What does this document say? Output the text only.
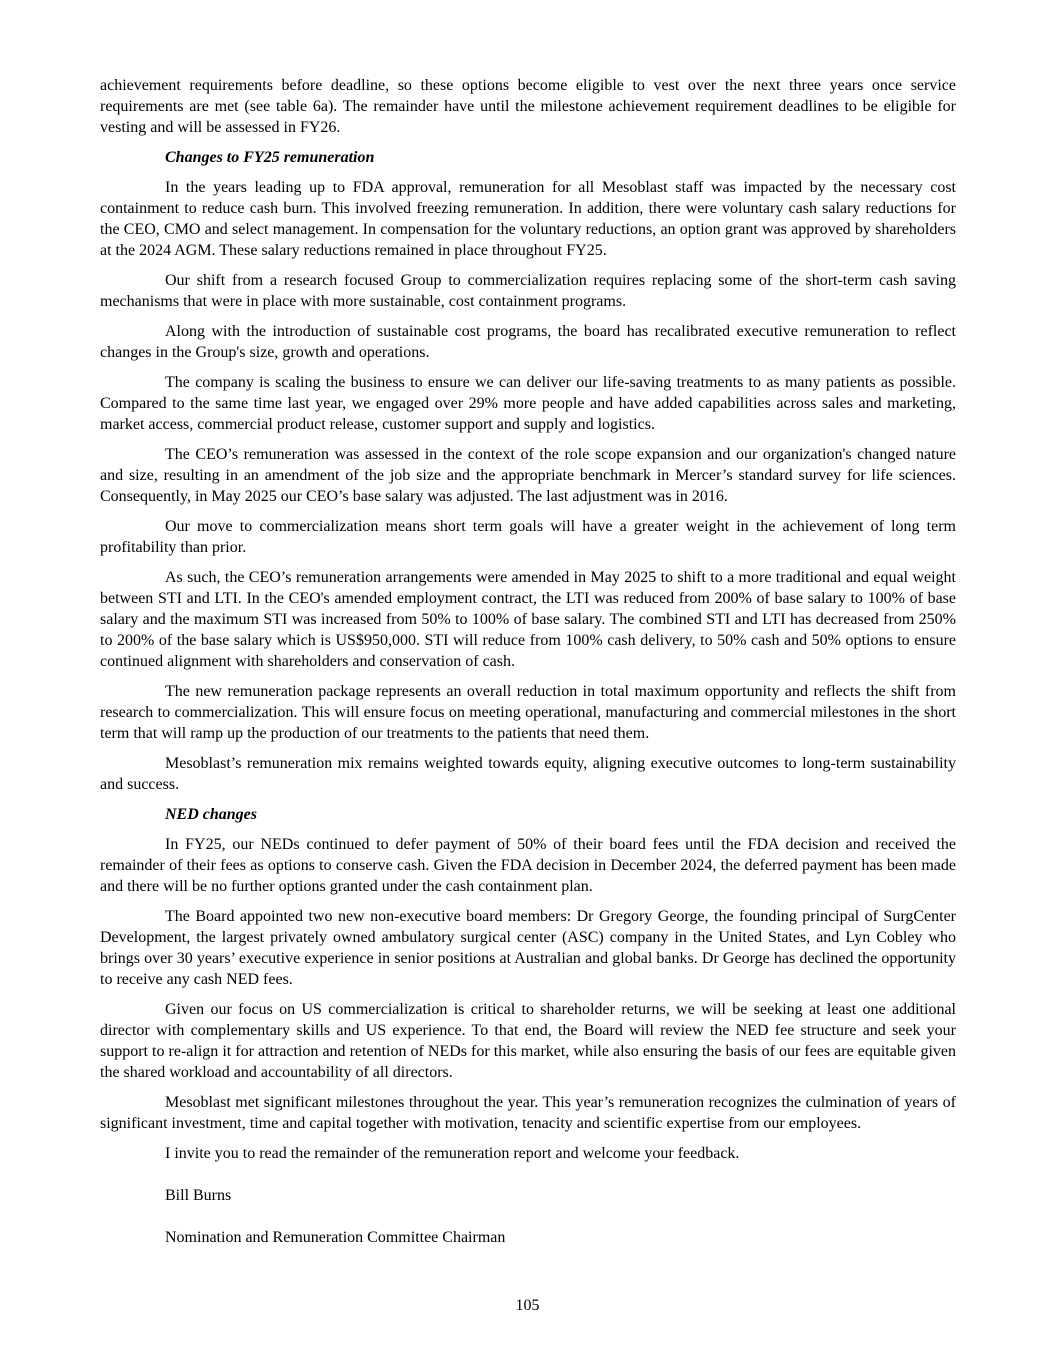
achievement requirements before deadline, so these options become eligible to vest over the next three years once service requirements are met (see table 6a). The remainder have until the milestone achievement requirement deadlines to be eligible for vesting and will be assessed in FY26.

Changes to FY25 remuneration

In the years leading up to FDA approval, remuneration for all Mesoblast staff was impacted by the necessary cost containment to reduce cash burn. This involved freezing remuneration. In addition, there were voluntary cash salary reductions for the CEO, CMO and select management. In compensation for the voluntary reductions, an option grant was approved by shareholders at the 2024 AGM. These salary reductions remained in place throughout FY25.

Our shift from a research focused Group to commercialization requires replacing some of the short-term cash saving mechanisms that were in place with more sustainable, cost containment programs.

Along with the introduction of sustainable cost programs, the board has recalibrated executive remuneration to reflect changes in the Group's size, growth and operations.

The company is scaling the business to ensure we can deliver our life-saving treatments to as many patients as possible. Compared to the same time last year, we engaged over 29% more people and have added capabilities across sales and marketing, market access, commercial product release, customer support and supply and logistics.

The CEO’s remuneration was assessed in the context of the role scope expansion and our organization's changed nature and size, resulting in an amendment of the job size and the appropriate benchmark in Mercer’s standard survey for life sciences. Consequently, in May 2025 our CEO’s base salary was adjusted. The last adjustment was in 2016.

Our move to commercialization means short term goals will have a greater weight in the achievement of long term profitability than prior.

As such, the CEO’s remuneration arrangements were amended in May 2025 to shift to a more traditional and equal weight between STI and LTI. In the CEO's amended employment contract, the LTI was reduced from 200% of base salary to 100% of base salary and the maximum STI was increased from 50% to 100% of base salary. The combined STI and LTI has decreased from 250% to 200% of the base salary which is US$950,000. STI will reduce from 100% cash delivery, to 50% cash and 50% options to ensure continued alignment with shareholders and conservation of cash.

The new remuneration package represents an overall reduction in total maximum opportunity and reflects the shift from research to commercialization. This will ensure focus on meeting operational, manufacturing and commercial milestones in the short term that will ramp up the production of our treatments to the patients that need them.

Mesoblast’s remuneration mix remains weighted towards equity, aligning executive outcomes to long-term sustainability and success.

NED changes

In FY25, our NEDs continued to defer payment of 50% of their board fees until the FDA decision and received the remainder of their fees as options to conserve cash. Given the FDA decision in December 2024, the deferred payment has been made and there will be no further options granted under the cash containment plan.

The Board appointed two new non-executive board members: Dr Gregory George, the founding principal of SurgCenter Development, the largest privately owned ambulatory surgical center (ASC) company in the United States, and Lyn Cobley who brings over 30 years’ executive experience in senior positions at Australian and global banks. Dr George has declined the opportunity to receive any cash NED fees.

Given our focus on US commercialization is critical to shareholder returns, we will be seeking at least one additional director with complementary skills and US experience. To that end, the Board will review the NED fee structure and seek your support to re-align it for attraction and retention of NEDs for this market, while also ensuring the basis of our fees are equitable given the shared workload and accountability of all directors.

Mesoblast met significant milestones throughout the year. This year’s remuneration recognizes the culmination of years of significant investment, time and capital together with motivation, tenacity and scientific expertise from our employees.

I invite you to read the remainder of the remuneration report and welcome your feedback.

Bill Burns

Nomination and Remuneration Committee Chairman

105
